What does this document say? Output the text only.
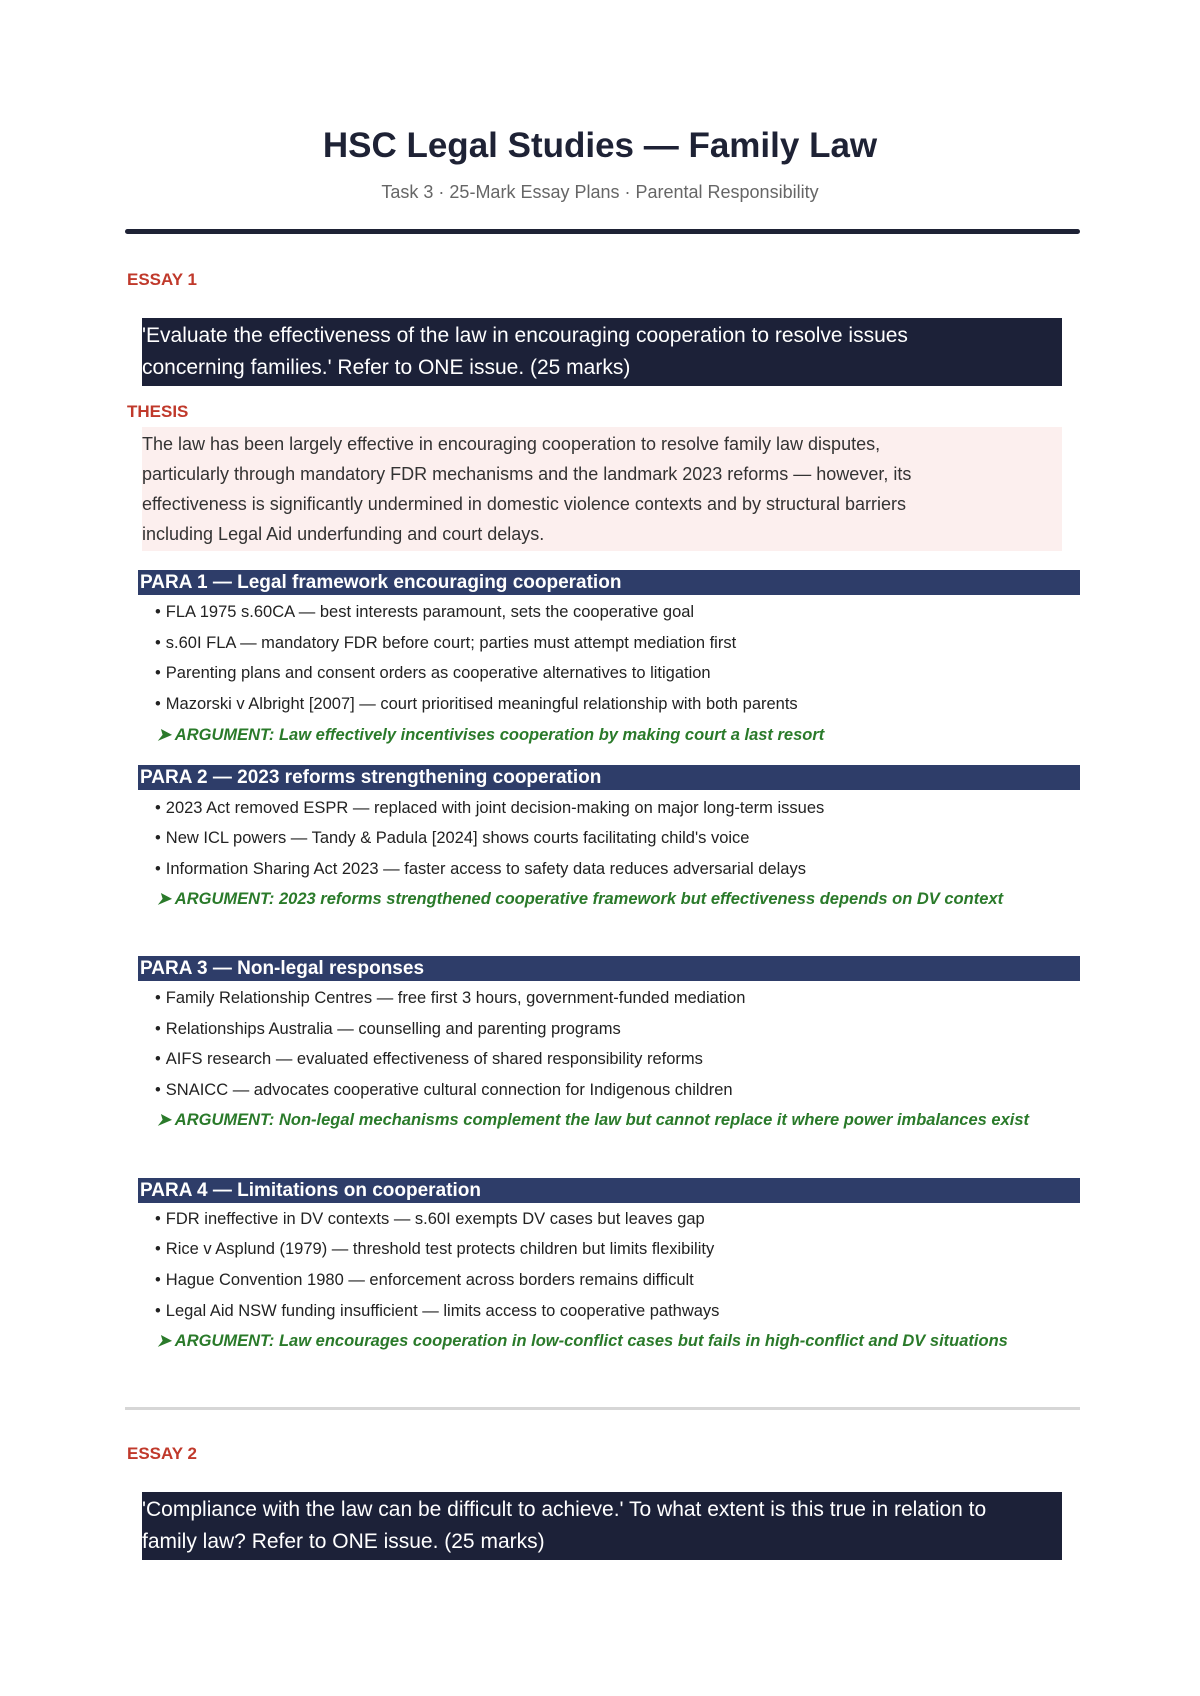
HSC Legal Studies — Family Law
Task 3 · 25-Mark Essay Plans · Parental Responsibility
ESSAY 1
'Evaluate the effectiveness of the law in encouraging cooperation to resolve issues
concerning families.' Refer to ONE issue. (25 marks)
THESIS
The law has been largely effective in encouraging cooperation to resolve family law disputes,
particularly through mandatory FDR mechanisms and the landmark 2023 reforms — however, its
effectiveness is significantly undermined in domestic violence contexts and by structural barriers
including Legal Aid underfunding and court delays.
PARA 1 — Legal framework encouraging cooperation
• FLA 1975 s.60CA — best interests paramount, sets the cooperative goal
• s.60I FLA — mandatory FDR before court; parties must attempt mediation first
• Parenting plans and consent orders as cooperative alternatives to litigation
• Mazorski v Albright [2007] — court prioritised meaningful relationship with both parents
➤ ARGUMENT: Law effectively incentivises cooperation by making court a last resort
PARA 2 — 2023 reforms strengthening cooperation
• 2023 Act removed ESPR — replaced with joint decision-making on major long-term issues
• New ICL powers — Tandy & Padula [2024] shows courts facilitating child's voice
• Information Sharing Act 2023 — faster access to safety data reduces adversarial delays
➤ ARGUMENT: 2023 reforms strengthened cooperative framework but effectiveness depends on DV context
PARA 3 — Non-legal responses
• Family Relationship Centres — free first 3 hours, government-funded mediation
• Relationships Australia — counselling and parenting programs
• AIFS research — evaluated effectiveness of shared responsibility reforms
• SNAICC — advocates cooperative cultural connection for Indigenous children
➤ ARGUMENT: Non-legal mechanisms complement the law but cannot replace it where power imbalances exist
PARA 4 — Limitations on cooperation
• FDR ineffective in DV contexts — s.60I exempts DV cases but leaves gap
• Rice v Asplund (1979) — threshold test protects children but limits flexibility
• Hague Convention 1980 — enforcement across borders remains difficult
• Legal Aid NSW funding insufficient — limits access to cooperative pathways
➤ ARGUMENT: Law encourages cooperation in low-conflict cases but fails in high-conflict and DV situations
ESSAY 2
'Compliance with the law can be difficult to achieve.' To what extent is this true in relation to
family law? Refer to ONE issue. (25 marks)
